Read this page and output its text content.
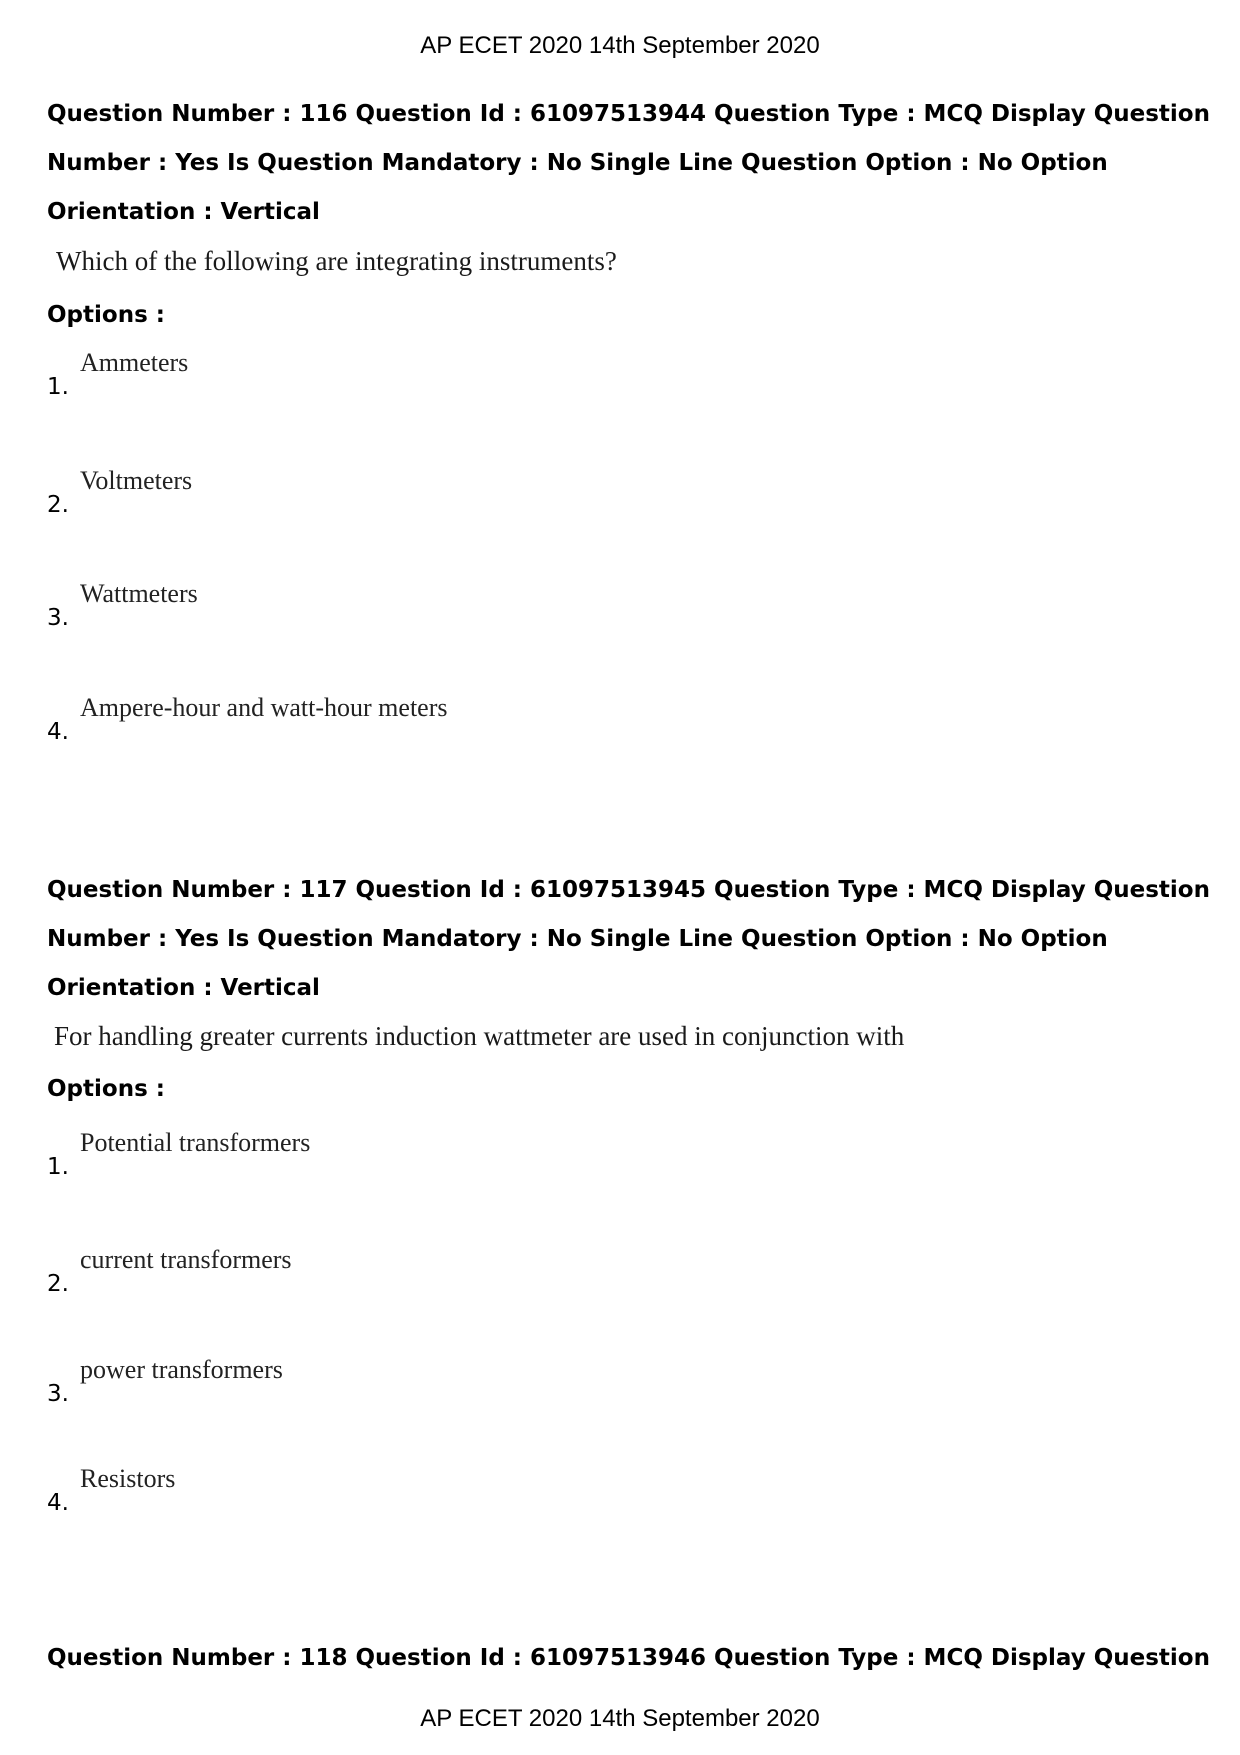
AP ECET 2020 14th September 2020
Question Number : 116 Question Id : 61097513944 Question Type : MCQ Display Question
Number : Yes Is Question Mandatory : No Single Line Question Option : No Option
Orientation : Vertical
Which of the following are integrating instruments?
Options :
1.
Ammeters
2.
Voltmeters
3.
Wattmeters
4.
Ampere-hour and watt-hour meters
Question Number : 117 Question Id : 61097513945 Question Type : MCQ Display Question
Number : Yes Is Question Mandatory : No Single Line Question Option : No Option
Orientation : Vertical
For handling greater currents induction wattmeter are used in conjunction with
Options :
1.
Potential transformers
2.
current transformers
3.
power transformers
4.
Resistors
Question Number : 118 Question Id : 61097513946 Question Type : MCQ Display Question
AP ECET 2020 14th September 2020
